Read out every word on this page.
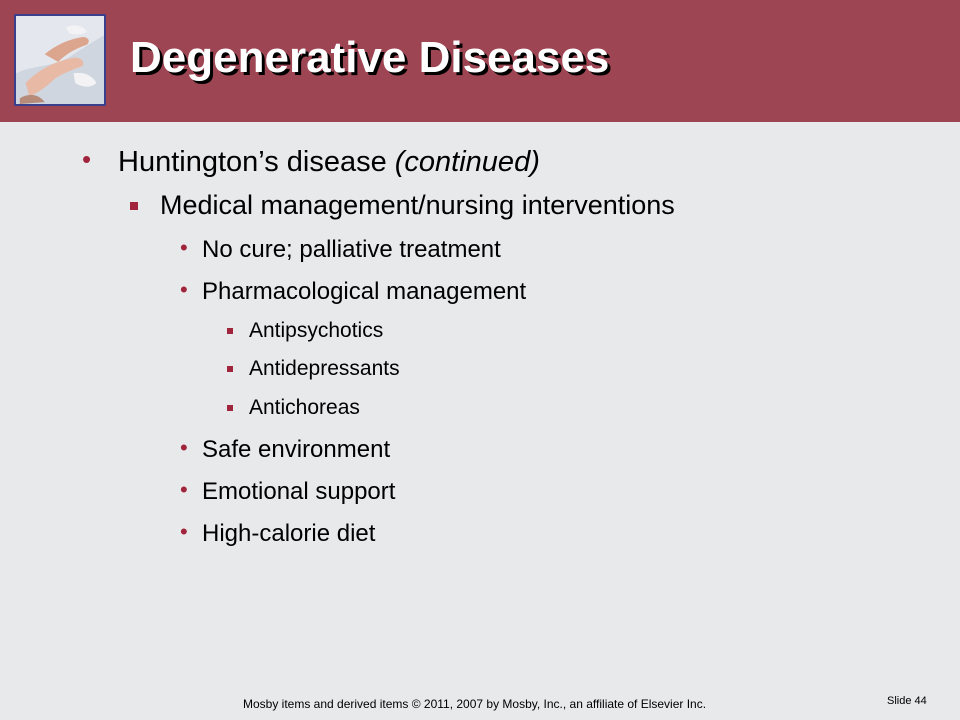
Degenerative Diseases
• Huntington’s disease (continued)
Medical management/nursing interventions
• No cure; palliative treatment
• Pharmacological management
Antipsychotics
Antidepressants
Antichoreas
• Safe environment
• Emotional support
• High-calorie diet
Mosby items and derived items © 2011, 2007 by Mosby, Inc., an affiliate of Elsevier Inc.	Slide 44
